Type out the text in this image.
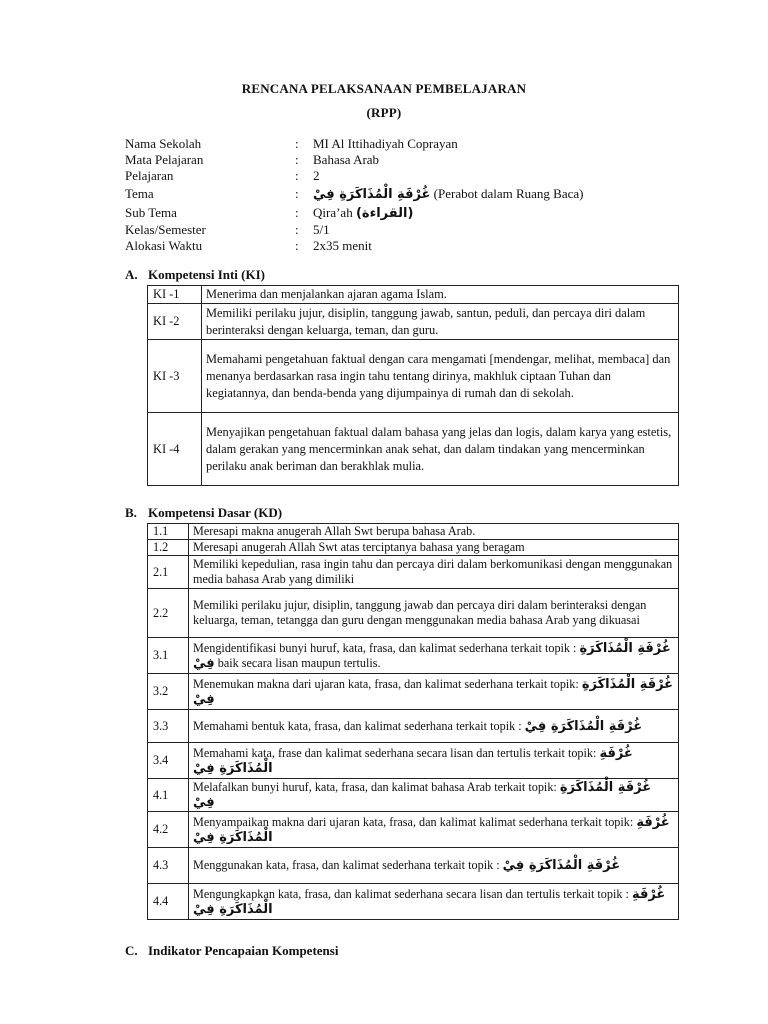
RENCANA PELAKSANAAN PEMBELAJARAN
(RPP)
Nama Sekolah	:	MI Al Ittihadiyah Coprayan
Mata Pelajaran	:	Bahasa Arab
Pelajaran	:	2
Tema	:	غُرْفَةِ الْمُذَاكَرَةِ فِيْ (Perabot dalam Ruang Baca)
Sub Tema	:	Qira’ah (القراءة)
Kelas/Semester	:	5/1
Alokasi Waktu	:	2x35 menit
A. Kompetensi Inti (KI)
KI -1	Menerima dan menjalankan ajaran agama Islam.
KI -2	Memiliki perilaku jujur, disiplin, tanggung jawab, santun, peduli, dan percaya diri dalam berinteraksi dengan keluarga, teman, dan guru.
KI -3	Memahami pengetahuan faktual dengan cara mengamati [mendengar, melihat, membaca] dan menanya berdasarkan rasa ingin tahu tentang dirinya, makhluk ciptaan Tuhan dan kegiatannya, dan benda-benda yang dijumpainya di rumah dan di sekolah.
KI -4	Menyajikan pengetahuan faktual dalam bahasa yang jelas dan logis, dalam karya yang estetis, dalam gerakan yang mencerminkan anak sehat, dan dalam tindakan yang mencerminkan perilaku anak beriman dan berakhlak mulia.
B. Kompetensi Dasar (KD)
1.1	Meresapi makna anugerah Allah Swt berupa bahasa Arab.
1.2	Meresapi anugerah Allah Swt atas terciptanya bahasa yang beragam
2.1	Memiliki kepedulian, rasa ingin tahu dan percaya diri dalam berkomunikasi dengan menggunakan media bahasa Arab yang dimiliki
2.2	Memiliki perilaku jujur, disiplin, tanggung jawab dan percaya diri dalam berinteraksi dengan keluarga, teman, tetangga dan guru dengan menggunakan media bahasa Arab yang dikuasai
3.1	Mengidentifikasi bunyi huruf, kata, frasa, dan kalimat sederhana terkait topik : غُرْفَةِ الْمُذَاكَرَةِ فِيْ baik secara lisan maupun tertulis.
3.2	Menemukan makna dari ujaran kata, frasa, dan kalimat sederhana terkait topik: غُرْفَةِ الْمُذَاكَرَةِ فِيْ
3.3	Memahami bentuk kata, frasa, dan kalimat sederhana terkait topik : غُرْفَةِ الْمُذَاكَرَةِ فِيْ
3.4	Memahami kata, frase dan kalimat sederhana secara lisan dan tertulis terkait topik: غُرْفَةِ الْمُذَاكَرَةِ فِيْ
4.1	Melafalkan bunyi huruf, kata, frasa, dan kalimat bahasa Arab terkait topik: غُرْفَةِ الْمُذَاكَرَةِ فِيْ
4.2	Menyampaikan makna dari ujaran kata, frasa, dan kalimat kalimat sederhana terkait topik: غُرْفَةِ الْمُذَاكَرَةِ فِيْ
4.3	Menggunakan kata, frasa, dan kalimat sederhana terkait topik : غُرْفَةِ الْمُذَاكَرَةِ فِيْ
4.4	Mengungkapkan kata, frasa, dan kalimat sederhana secara lisan dan tertulis terkait topik : غُرْفَةِ الْمُذَاكَرَةِ فِيْ
C. Indikator Pencapaian Kompetensi
